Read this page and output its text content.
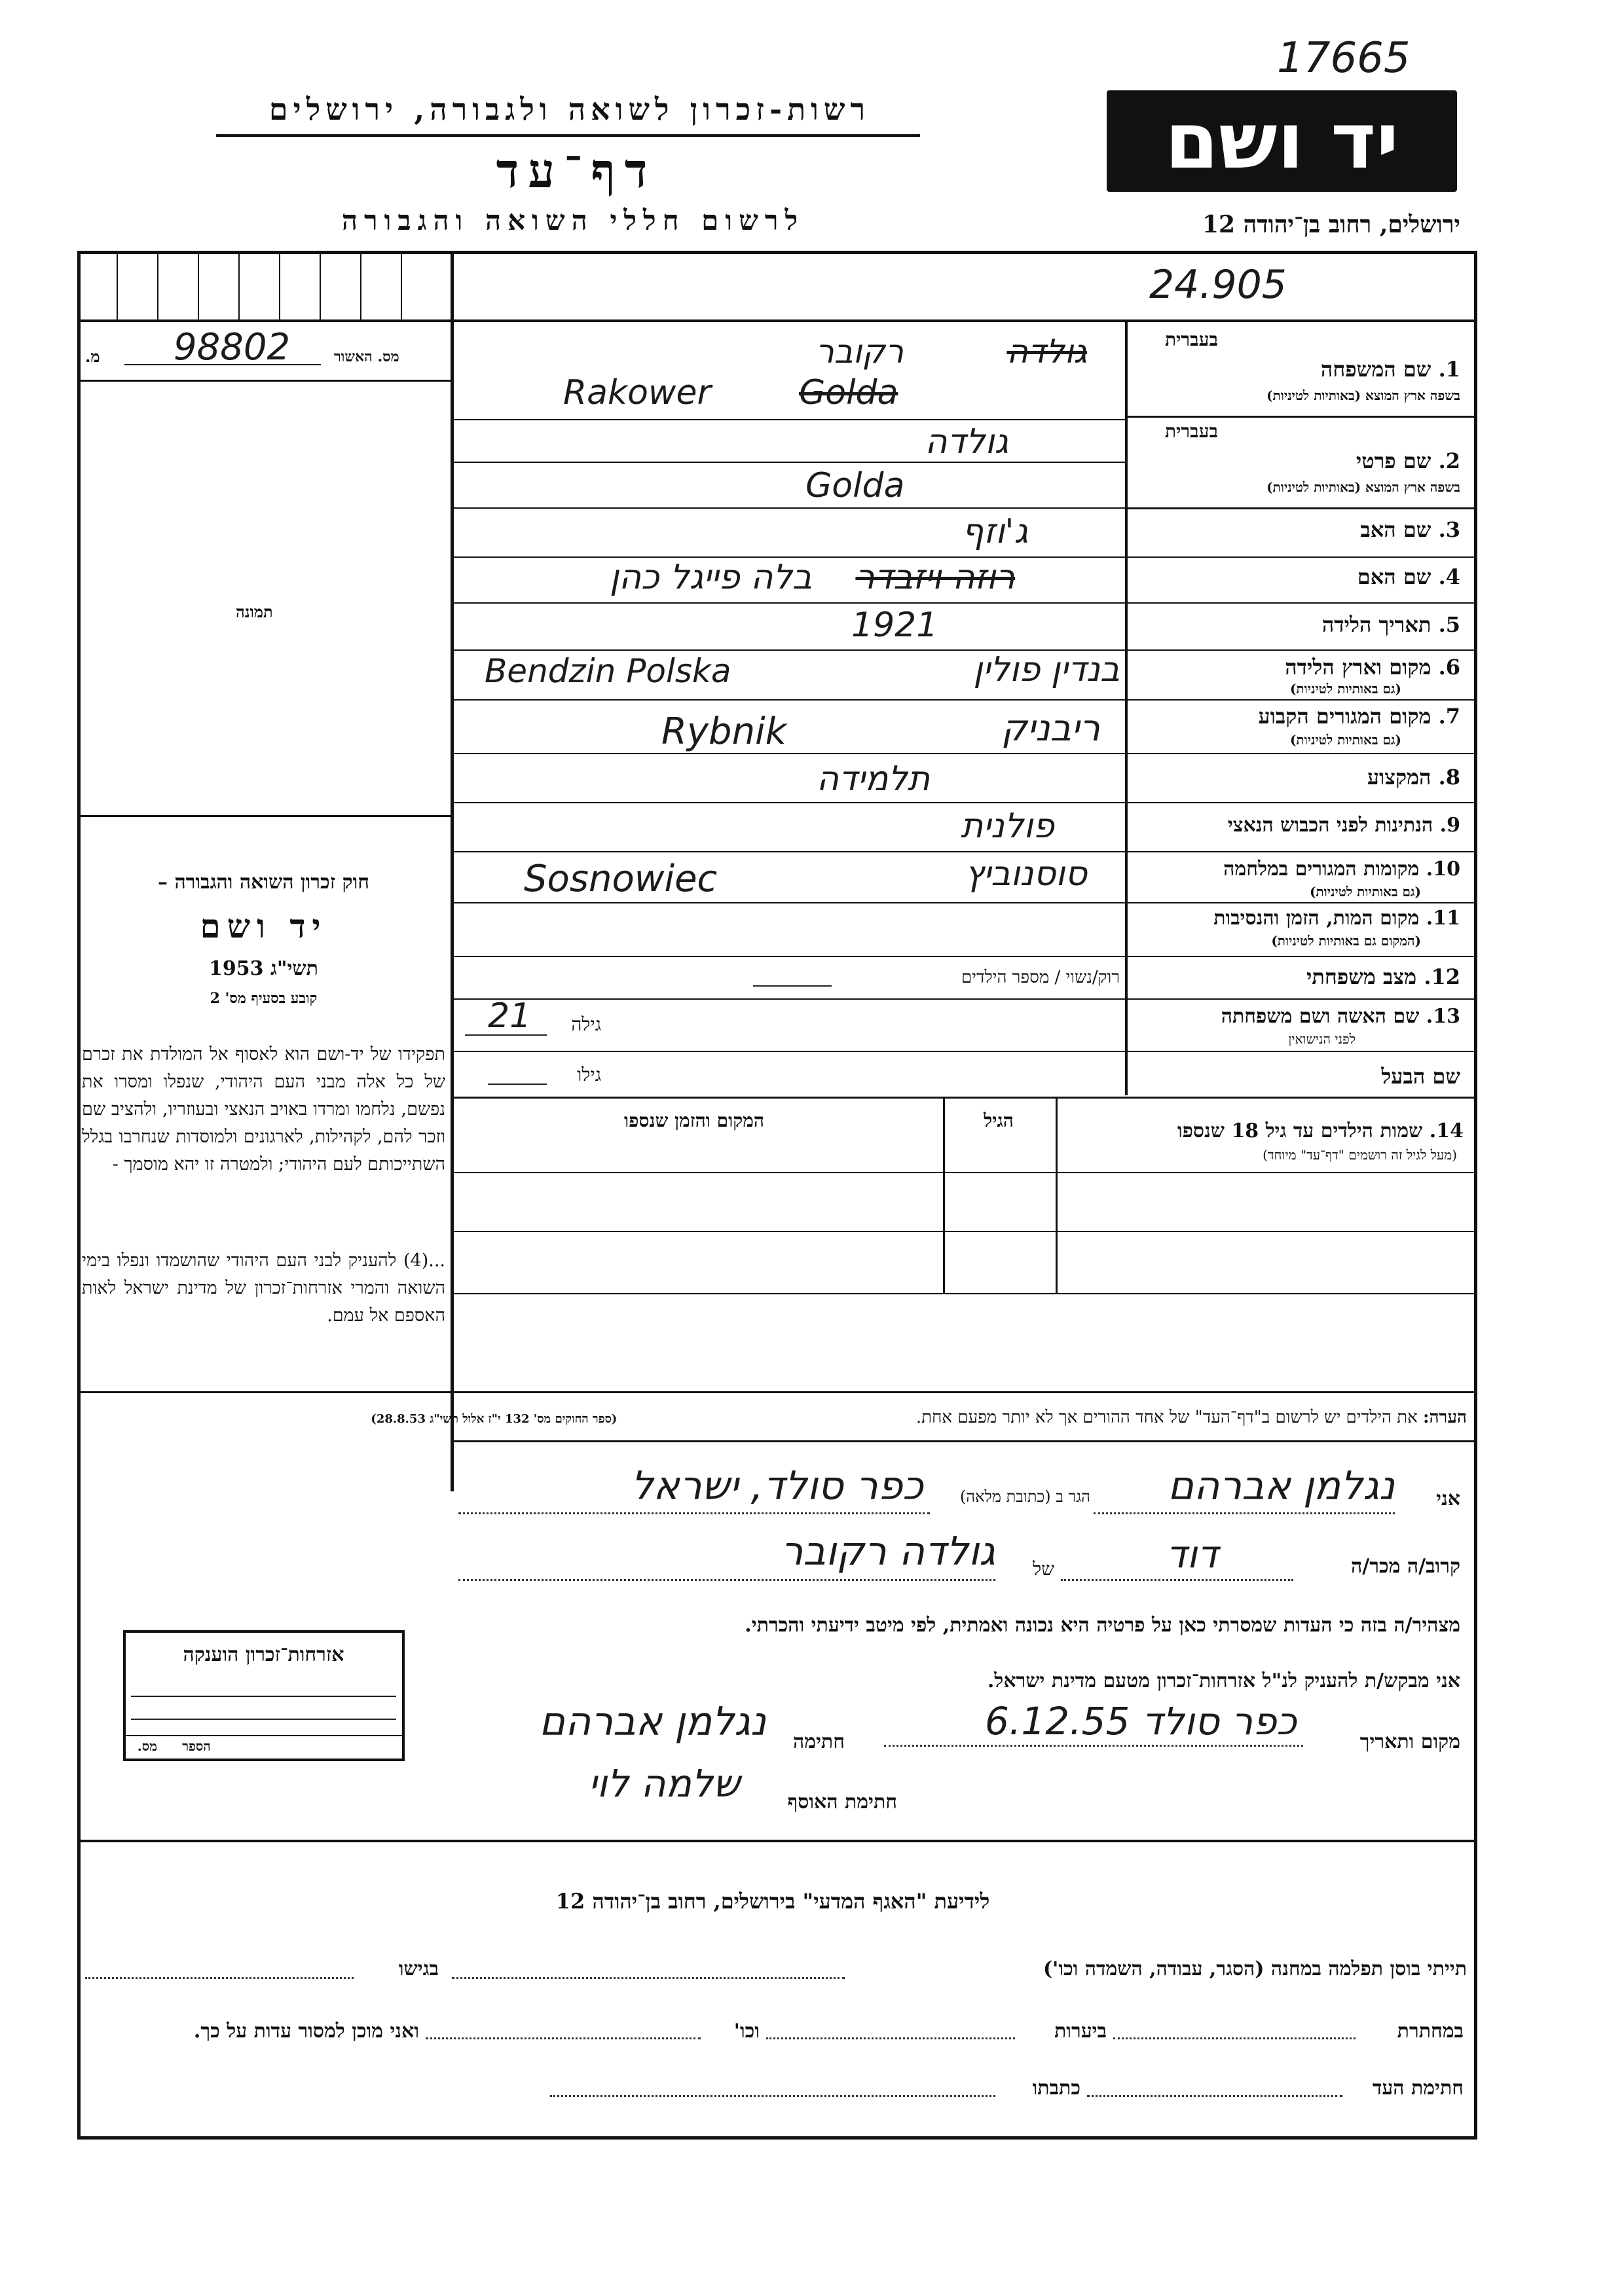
17665
רשות-זכרון לשואה ולגבורה, ירושלים
דף־עד
לרשום חללי השואה והגבורה
יד ושם
ירושלים, רחוב בן־יהודה 12
24.905
מ. 98802	מס. האשור
תמונה
בעברית
1. שם המשפחה
בשפה ארץ המוצא (באותיות לטיניות)
רקובר	גולדה
Rakower	Golda
בעברית
2. שם פרטי
בשפה ארץ המוצא (באותיות לטיניות)
גולדה
Golda
3. שם האב
ג'וזף
4. שם האם
בלה פייגל כהן	רוזה ויזבדר
5. תאריך הלידה
1921
6. מקום וארץ הלידה
(גם באותיות לטיניות)
בנדין פולין
Bendzin Polska
7. מקום המגורים הקבוע
(גם באותיות לטיניות)
ריבניק
Rybnik
8. המקצוע
תלמידה
9. הנתינות לפני הכבוש הנאצי
פולנית
10. מקומות המגורים במלחמה
(גם באותיות לטיניות)
סוסנוביץ
Sosnowiec
11. מקום המות, הזמן והנסיבות
(המקום גם באותיות לטיניות)
12. מצב משפחתי
רוק/נשוי / מספר הילדים
13. שם האשה ושם משפחתה
לפני הנישואין
גילה
21
שם הבעל
גילו
14. שמות הילדים עד גיל 18 שנספו
(מעל לגיל זה רושמים "דף־עד" מיוחד)
הגיל
המקום והזמן שנספו
חוק זכרון השואה והגבורה –
יד ושם
תשי"ג 1953
קובע בסעיף מס' 2
תפקידו של יד-ושם הוא לאסוף אל המולדת את זכרם של כל אלה מבני העם היהודי, שנפלו ומסרו את נפשם, נלחמו ומרדו באויב הנאצי ובעוזריו, ולהציב שם וזכר להם, לקהילות, לארגונים ולמוסדות שנחרבו בגלל השתייכותם לעם היהודי; ולמטרה זו יהא מוסמך -
...(4) להעניק לבני העם היהודי שהושמדו ונפלו בימי השואה והמרי אזרחות־זכרון של מדינת ישראל לאות האספם אל עמם.
הערה: את הילדים יש לרשום ב"דף־העד" של אחד ההורים אך לא יותר מפעם אחת.  (ספר החוקים מס' 132 י"ז אלול תשי"ג 28.8.53)
אני
נגלמן אברהם
הגר ב (כתובת מלאה)
כפר סולד, ישראל
קרוב/ה מכר/ה
דוד
של
גולדה רקובר
מצהיר/ה בזה כי העדות שמסרתי כאן על פרטיה היא נכונה ואמתית, לפי מיטב ידיעתי והכרתי.
אני מבקש/ת להעניק לנ"ל אזרחות־זכרון מטעם מדינת ישראל.
מקום ותאריך
כפר סולד 6.12.55
חתימה
נגלמן אברהם
חתימת האוסף
שלמה לוי
אזרחות־זכרון הוענקה
הספר
מס.
לידיעת "האגף המדעי" בירושלים, רחוב בן־יהודה 12
תייתי בוסן תפלמה במחנה (הסגר, עבודה, השמדה וכו')
בגישו
במחתרת
ביערות
וכו'
ואני מוכן למסור עדות על כך.
חתימת העד
כתבתו
